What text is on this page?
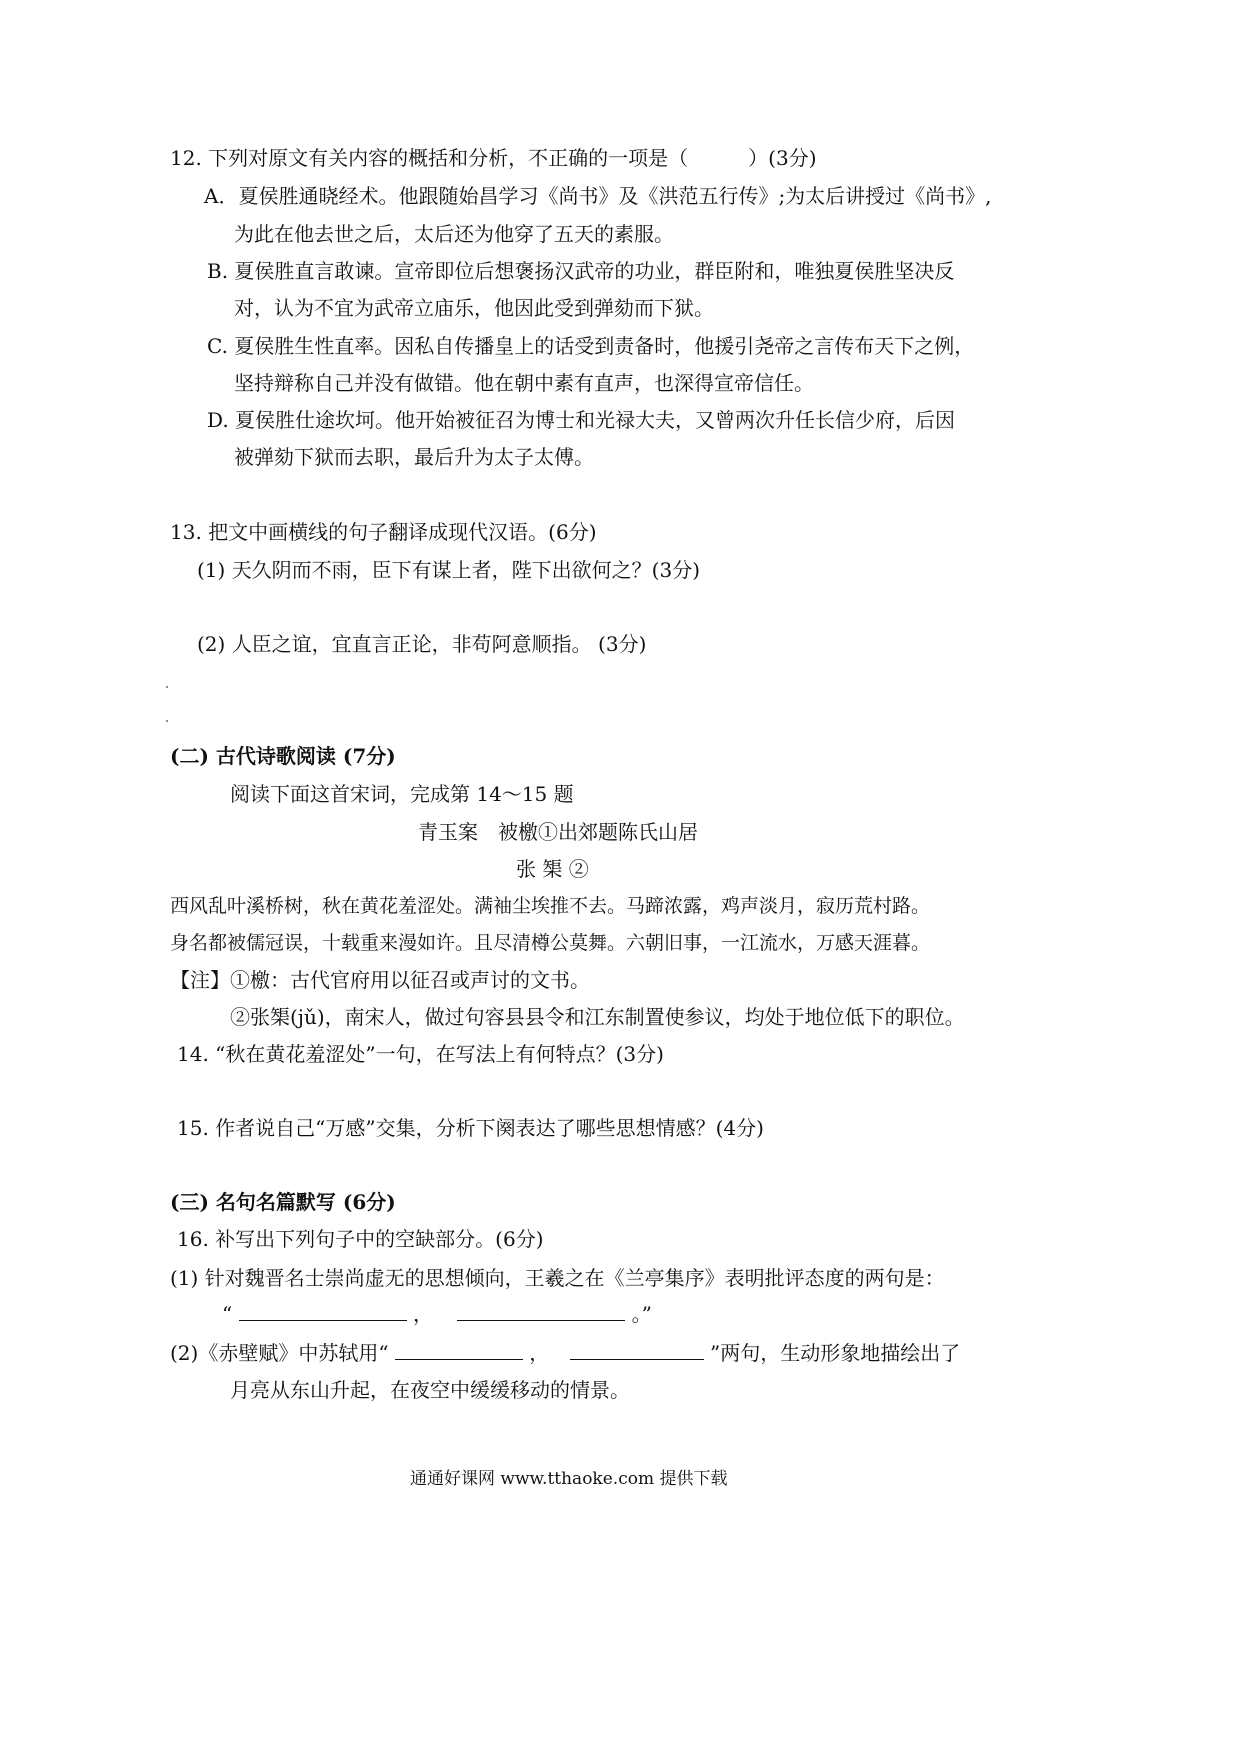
12. 下列对原文有关内容的概括和分析，不正确的一项是（　　　）(3分)
A．夏侯胜通晓经术。他跟随始昌学习《尚书》及《洪范五行传》;为太后讲授过《尚书》,
为此在他去世之后，太后还为他穿了五天的素服。
B. 夏侯胜直言敢谏。宣帝即位后想褒扬汉武帝的功业，群臣附和，唯独夏侯胜坚决反
对，认为不宜为武帝立庙乐，他因此受到弹劾而下狱。
C. 夏侯胜生性直率。因私自传播皇上的话受到责备时，他援引尧帝之言传布天下之例，
坚持辩称自己并没有做错。他在朝中素有直声，也深得宣帝信任。
D. 夏侯胜仕途坎坷。他开始被征召为博士和光禄大夫，又曾两次升任长信少府，后因
被弹劾下狱而去职，最后升为太子太傅。
13. 把文中画横线的句子翻译成现代汉语。(6分)
(1) 天久阴而不雨，臣下有谋上者，陛下出欲何之？(3分)
(2) 人臣之谊，宜直言正论，非苟阿意顺指。 (3分)
(二) 古代诗歌阅读 (7分)
阅读下面这首宋词，完成第 14～15 题
青玉案　被檄①出郊题陈氏山居
张 榘 ②
西风乱叶溪桥树，秋在黄花羞涩处。满袖尘埃推不去。马蹄浓露，鸡声淡月，寂历荒村路。
身名都被儒冠误，十载重来漫如许。且尽清樽公莫舞。六朝旧事，一江流水，万感天涯暮。
【注】①檄：古代官府用以征召或声讨的文书。
②张榘(jǔ)，南宋人，做过句容县县令和江东制置使参议，均处于地位低下的职位。
14. “秋在黄花羞涩处”一句，在写法上有何特点？(3分)
15. 作者说自己“万感”交集，分析下阕表达了哪些思想情感？(4分)
(三) 名句名篇默写 (6分)
16. 补写出下列句子中的空缺部分。(6分)
(1) 针对魏晋名士崇尚虚无的思想倾向，王羲之在《兰亭集序》表明批评态度的两句是：
“	，	。”
(2)《赤壁赋》中苏轼用“	，	”两句，生动形象地描绘出了
月亮从东山升起，在夜空中缓缓移动的情景。
通通好课网 www.tthaoke.com 提供下载
